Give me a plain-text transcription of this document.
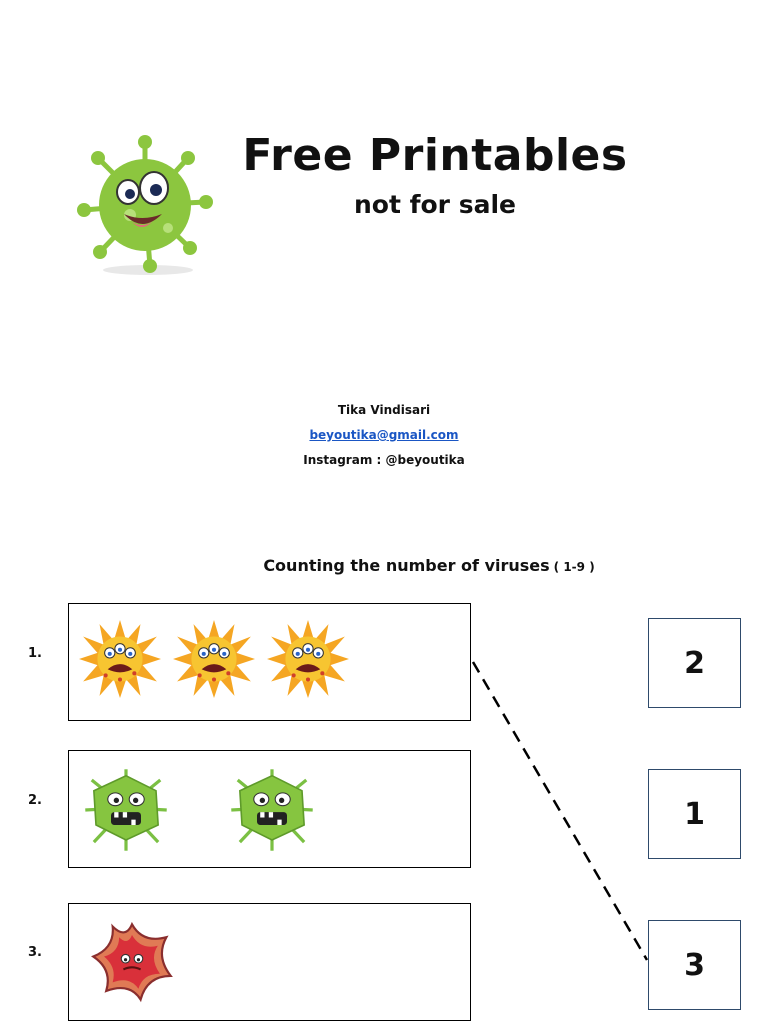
Free Printables
not for sale
Tika Vindisari
beyoutika@gmail.com
Instagram : @beyoutika
Counting the number of viruses ( 1-9 )
1.
2.
3.
2
1
3
